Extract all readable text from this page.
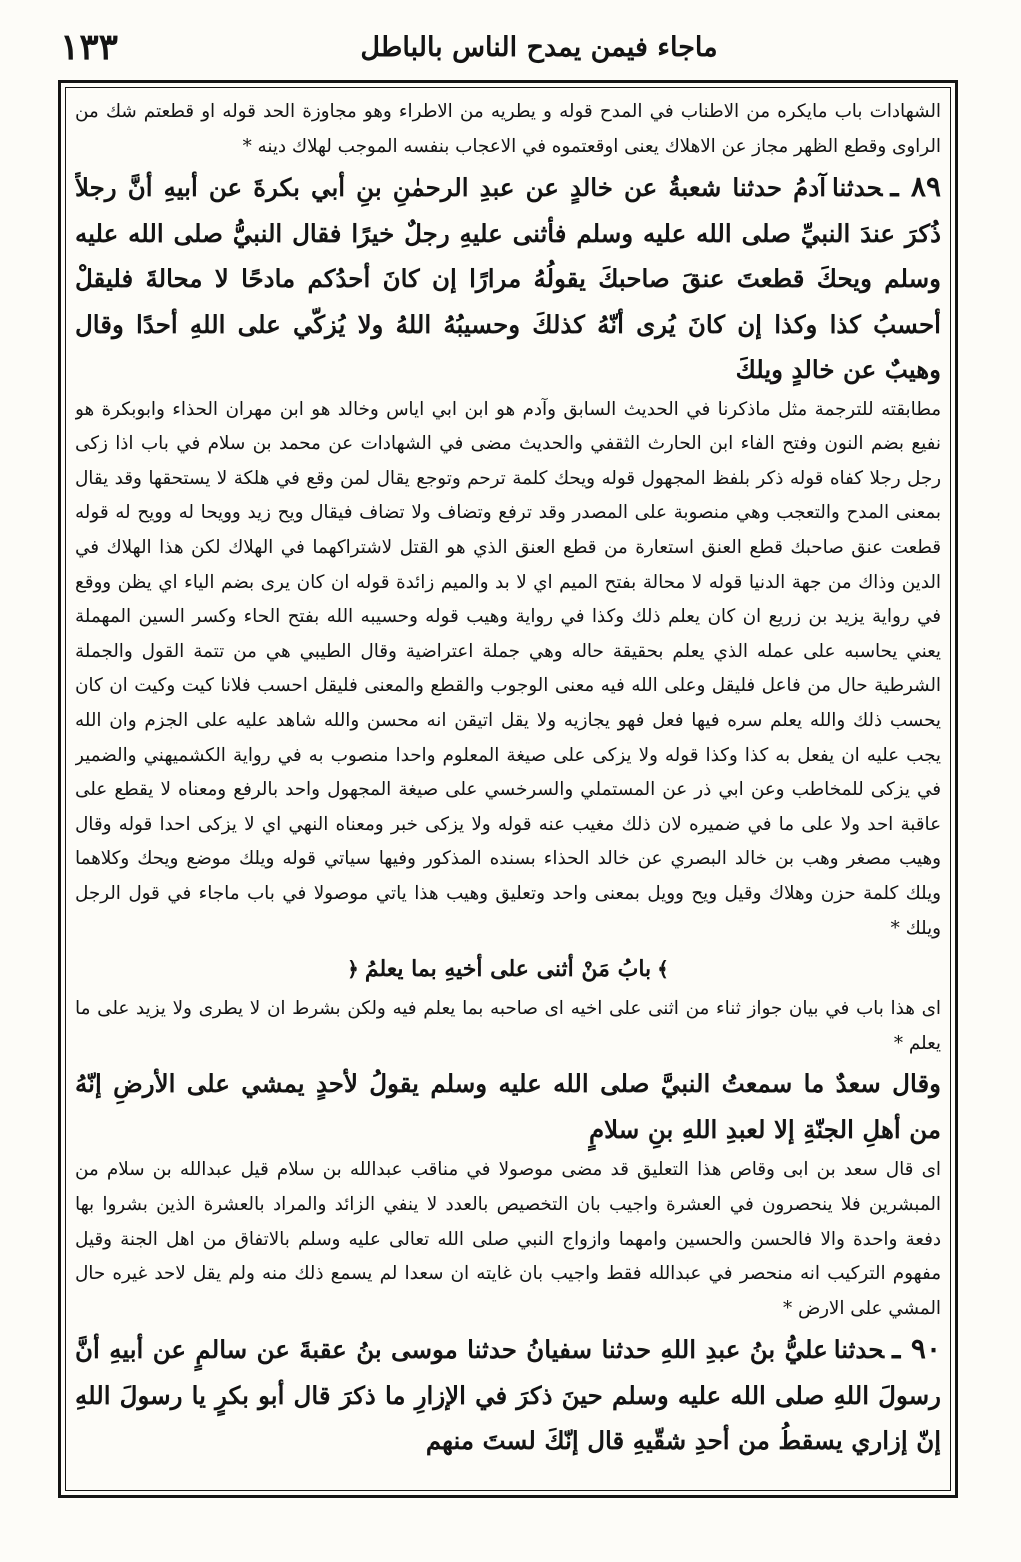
١٣٣	ماجاء فيمن يمدح الناس بالباطل

الشهادات باب مايكره من الاطناب في المدح قوله و يطريه من الاطراء وهو مجاوزة الحد قوله او قطعتم شك من الراوى وقطع الظهر مجاز عن الاهلاك يعنى اوقعتموه في الاعجاب بنفسه الموجب لهلاك دينه *

٨٩ ـحدثناآدمُ حدثنا شعبةُ عن خالدٍ عن عبدِ الرحمٰنِ بنِ أبي بكرةَ عن أبيهِ أنَّ رجلاً ذُكرَ عندَ النبيِّ صلى الله عليه وسلم فأثنى عليهِ رجلٌ خيرًا فقال النبيُّ صلى الله عليه وسلم ويحكَ قطعتَ عنقَ صاحبكَ يقولُهُ مرارًا إن كانَ أحدُكم مادحًا لا محالةَ فليقلْ أحسبُ كذا وكذا إن كانَ يُرى أنّهُ كذلكَ وحسيبُهُ اللهُ ولا يُزكّي على اللهِ أحدًا وقال وهيبٌ عن خالدٍ ويلكَ

مطابقته للترجمة مثل ماذكرنا في الحديث السابق وآدم هو ابن ابي اياس وخالد هو ابن مهران الحذاء وابوبكرة هو نفيع بضم النون وفتح الفاء ابن الحارث الثقفي والحديث مضى في الشهادات عن محمد بن سلام في باب اذا زكى رجل رجلا كفاه قوله ذكر بلفظ المجهول قوله ويحك كلمة ترحم وتوجع يقال لمن وقع في هلكة لا يستحقها وقد يقال بمعنى المدح والتعجب وهي منصوبة على المصدر وقد ترفع وتضاف ولا تضاف فيقال ويح زيد وويحا له وويح له قوله قطعت عنق صاحبك قطع العنق استعارة من قطع العنق الذي هو القتل لاشتراكهما في الهلاك لكن هذا الهلاك في الدين وذاك من جهة الدنيا قوله لا محالة بفتح الميم اي لا بد والميم زائدة قوله ان كان يرى بضم الياء اي يظن ووقع في رواية يزيد بن زريع ان كان يعلم ذلك وكذا في رواية وهيب قوله وحسيبه الله بفتح الحاء وكسر السين المهملة يعني يحاسبه على عمله الذي يعلم بحقيقة حاله وهي جملة اعتراضية وقال الطيبي هي من تتمة القول والجملة الشرطية حال من فاعل فليقل وعلى الله فيه معنى الوجوب والقطع والمعنى فليقل احسب فلانا كيت وكيت ان كان يحسب ذلك والله يعلم سره فيها فعل فهو يجازيه ولا يقل اتيقن انه محسن والله شاهد عليه على الجزم وان الله يجب عليه ان يفعل به كذا وكذا قوله ولا يزكى على صيغة المعلوم واحدا منصوب به في رواية الكشميهني والضمير في يزكى للمخاطب وعن ابي ذر عن المستملي والسرخسي على صيغة المجهول واحد بالرفع ومعناه لا يقطع على عاقبة احد ولا على ما في ضميره لان ذلك مغيب عنه قوله ولا يزكى خبر ومعناه النهي اي لا يزكى احدا قوله وقال وهيب مصغر وهب بن خالد البصري عن خالد الحذاء بسنده المذكور وفيها سياتي قوله ويلك موضع ويحك وكلاهما ويلك كلمة حزن وهلاك وقيل ويح وويل بمعنى واحد وتعليق وهيب هذا ياتي موصولا في باب ماجاء في قول الرجل ويلك *

﴾بابُ مَنْ أثنى على أخيهِ بما يعلمُ﴿

اى هذا باب في بيان جواز ثناء من اثنى على اخيه اى صاحبه بما يعلم فيه ولكن بشرط ان لا يطرى ولا يزيد على ما يعلم *

وقال سعدٌ ما سمعتُ النبيَّ صلى الله عليه وسلم يقولُ لأحدٍ يمشي على الأرضِ إنّهُ من أهلِ الجنّةِ إلا لعبدِ اللهِ بنِ سلامٍ

اى قال سعد بن ابى وقاص هذا التعليق قد مضى موصولا في مناقب عبدالله بن سلام قيل عبدالله بن سلام من المبشرين فلا ينحصرون في العشرة واجيب بان التخصيص بالعدد لا ينفي الزائد والمراد بالعشرة الذين بشروا بها دفعة واحدة والا فالحسن والحسين وامهما وازواج النبي صلى الله تعالى عليه وسلم بالاتفاق من اهل الجنة وقيل مفهوم التركيب انه منحصر في عبدالله فقط واجيب بان غايته ان سعدا لم يسمع ذلك منه ولم يقل لاحد غيره حال المشي على الارض *

٩٠ ـحدثناعليُّ بنُ عبدِ اللهِ حدثنا سفيانُ حدثنا موسى بنُ عقبةَ عن سالمٍ عن أبيهِ أنَّ رسولَ اللهِ صلى الله عليه وسلم حينَ ذكرَ في الإزارِ ما ذكرَ قال أبو بكرٍ يا رسولَ اللهِ إنّ إزاري يسقطُ من أحدِ شقّيهِ قال إنّكَ لستَ منهم
